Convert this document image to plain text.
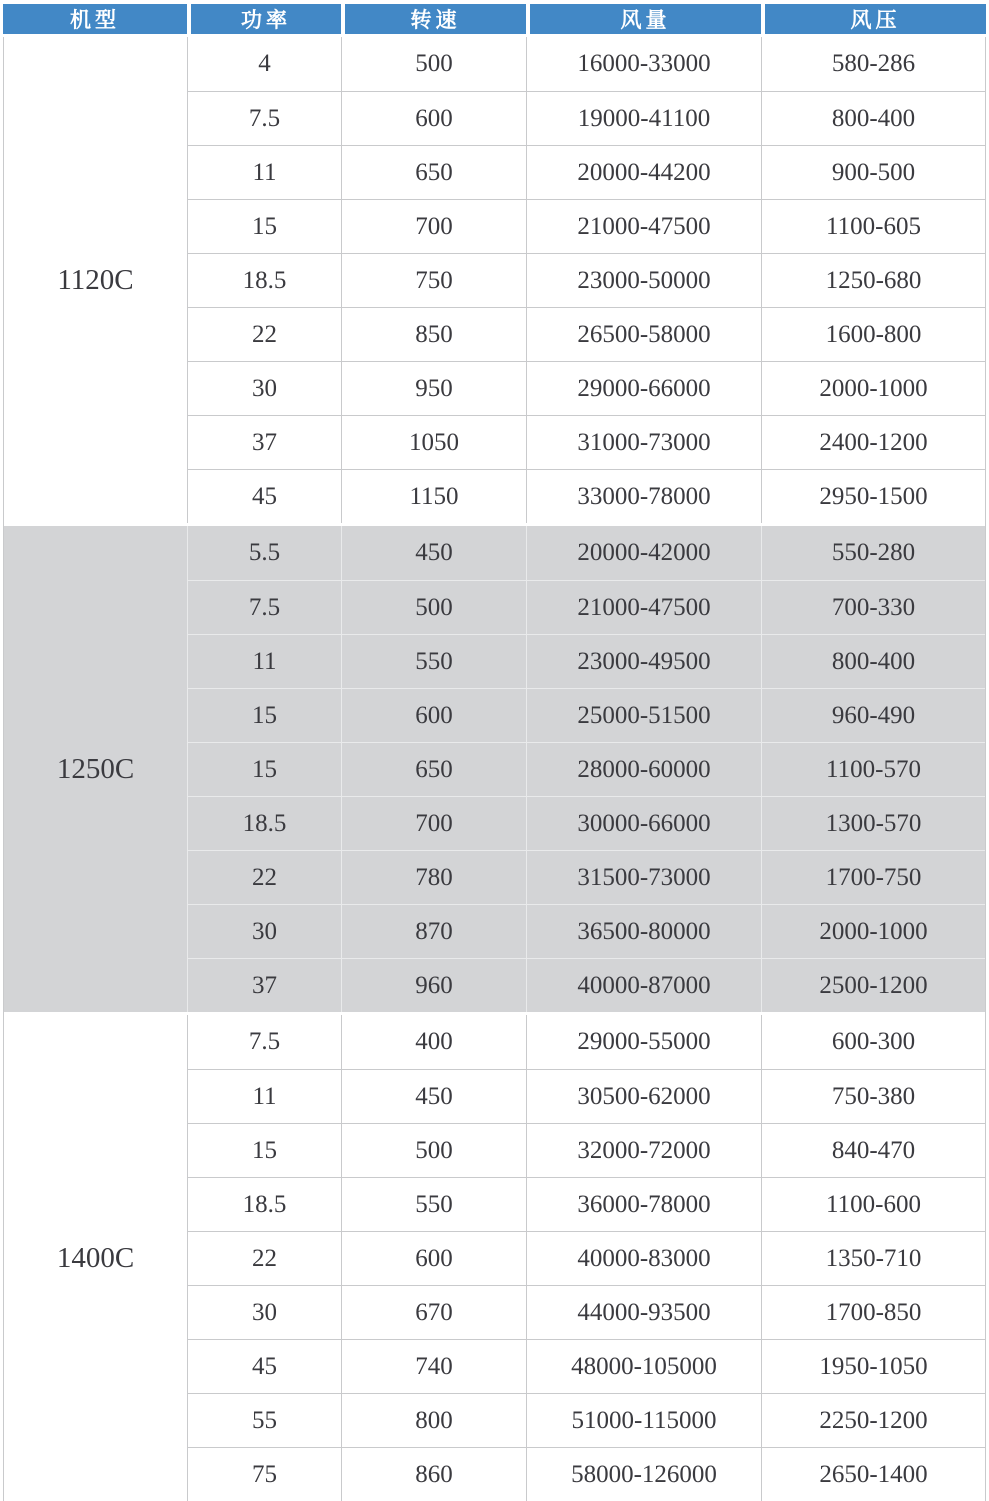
机型	功率	转速	风量	风压
1120C
4	500	16000-33000	580-286
7.5	600	19000-41100	800-400
11	650	20000-44200	900-500
15	700	21000-47500	1100-605
18.5	750	23000-50000	1250-680
22	850	26500-58000	1600-800
30	950	29000-66000	2000-1000
37	1050	31000-73000	2400-1200
45	1150	33000-78000	2950-1500
1250C
5.5	450	20000-42000	550-280
7.5	500	21000-47500	700-330
11	550	23000-49500	800-400
15	600	25000-51500	960-490
15	650	28000-60000	1100-570
18.5	700	30000-66000	1300-570
22	780	31500-73000	1700-750
30	870	36500-80000	2000-1000
37	960	40000-87000	2500-1200
1400C
7.5	400	29000-55000	600-300
11	450	30500-62000	750-380
15	500	32000-72000	840-470
18.5	550	36000-78000	1100-600
22	600	40000-83000	1350-710
30	670	44000-93500	1700-850
45	740	48000-105000	1950-1050
55	800	51000-115000	2250-1200
75	860	58000-126000	2650-1400
